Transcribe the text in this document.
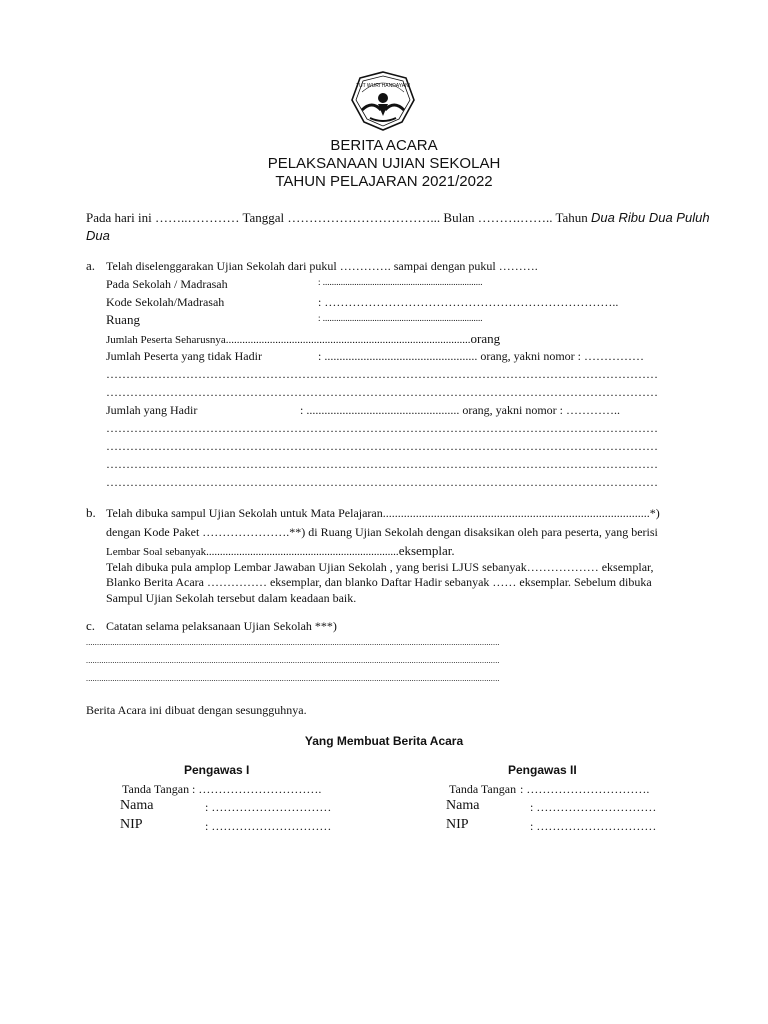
TUT WURI HANDAYANI
BERITA ACARA
PELAKSANAAN UJIAN SEKOLAH
TAHUN PELAJARAN 2021/2022
Pada hari ini ……..………… Tanggal ……………………………... Bulan ……….…….. Tahun Dua Ribu Dua Puluh
Dua
a. Telah diselenggarakan Ujian Sekolah dari pukul …………. sampai dengan pukul ……….
Pada Sekolah / Madrasah	: .......................................................................
Kode Sekolah/Madrasah	: ………………………………………………………………..
Ruang	: .......................................................................
Jumlah Peserta Seharusnya.........................................................................................orang
Jumlah Peserta yang tidak Hadir	: ................................................... orang, yakni nomor : ……………
…………………………………………………………………………………………………………………………
…………………………………………………………………………………………………………………………
Jumlah yang Hadir	: ................................................... orang, yakni nomor : …………..
…………………………………………………………………………………………………………………………
…………………………………………………………………………………………………………………………
…………………………………………………………………………………………………………………………
…………………………………………………………………………………………………………………………
b. Telah dibuka sampul Ujian Sekolah untuk Mata Pelajaran.........................................................................................*)
dengan Kode Paket ………………….**) di Ruang Ujian Sekolah dengan disaksikan oleh para peserta, yang berisi
Lembar Soal sebanyak......................................................................eksemplar.
Telah dibuka pula amplop Lembar Jawaban Ujian Sekolah , yang berisi LJUS sebanyak……………… eksemplar,
Blanko Berita Acara …………… eksemplar, dan blanko Daftar Hadir sebanyak …… eksemplar. Sebelum dibuka
Sampul Ujian Sekolah tersebut dalam keadaan baik.
c. Catatan selama pelaksanaan Ujian Sekolah ***)
............................................................................................................................................................................................
............................................................................................................................................................................................
............................................................................................................................................................................................
Berita Acara ini dibuat dengan sesungguhnya.
Yang Membuat Berita Acara
Pengawas I	Pengawas II
Tanda Tangan : ………………………….	Tanda Tangan : ………………………….
Nama	: …………………………	Nama	: …………………………
NIP	: …………………………	NIP	: …………………………
